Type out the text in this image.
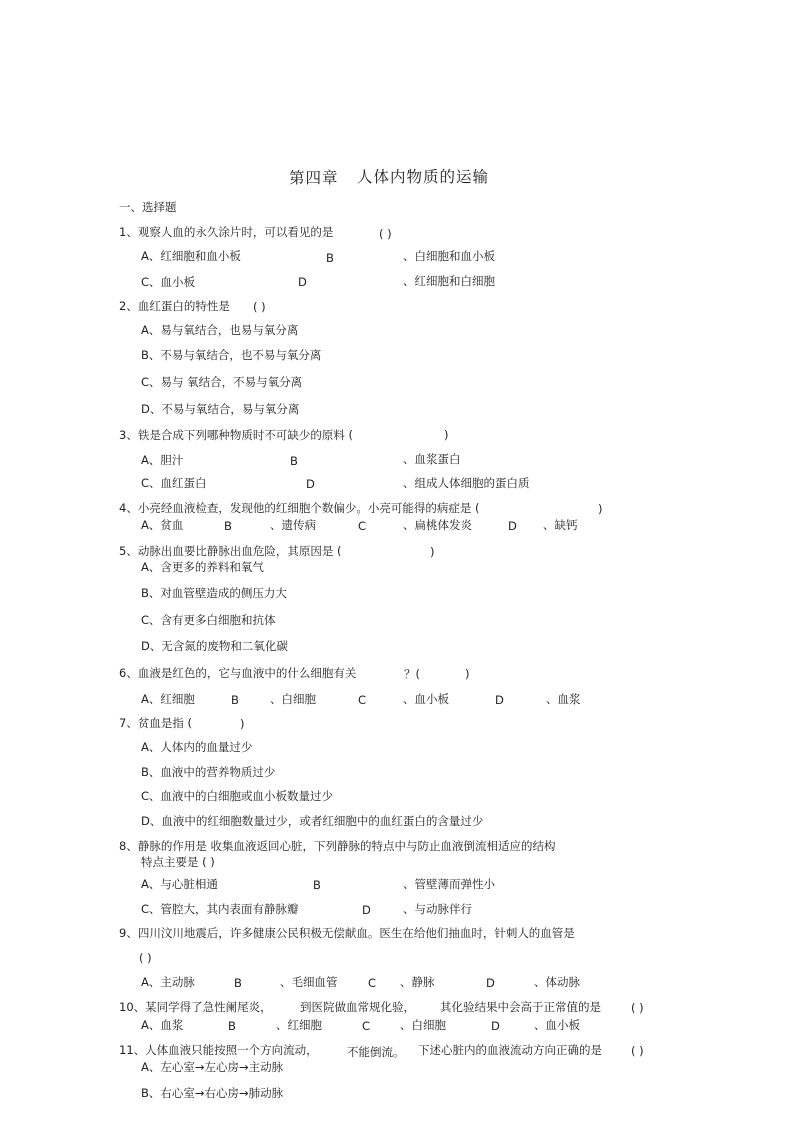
第四章 人体内物质的运输
一、选择题
1、观察人血的永久涂片时，可以看见的是	( )
A、红细胞和血小板	B	、白细胞和血小板
C、血小板	D	、红细胞和白细胞
2、血红蛋白的特性是 ( )
A、易与氧结合，也易与氧分离
B、不易与氧结合，也不易与氧分离
C、易与 氧结合，不易与氧分离
D、不易与氧结合，易与氧分离
3、铁是合成下列哪种物质时不可缺少的原料 (	)
A、胆汁	B	、血浆蛋白
C、血红蛋白	D	、组成人体细胞的蛋白质
4、小亮经血液检查，发现他的红细胞个数偏少。小亮可能得的病症是 (	)
A、贫血	B	、遗传病	C	、扁桃体发炎	D 、缺钙
5、动脉出血要比静脉出血危险，其原因是 (	)
A、含更多的养料和氧气
B、对血管壁造成的侧压力大
C、含有更多白细胞和抗体
D、无含氮的废物和二氧化碳
6、血液是红色的，它与血液中的什么细胞有关	？(	)
A、红细胞	B	、白细胞	C	、血小板	D	、血浆
7、贫血是指 (	)
A、人体内的血量过少
B、血液中的营养物质过少
C、血液中的白细胞或血小板数量过少
D、血液中的红细胞数量过少，或者红细胞中的血红蛋白的含量过少
8、静脉的作用是 收集血液返回心脏，下列静脉的特点中与防止血液倒流相适应的结构
特点主要是 ( )
A、与心脏相通	B	、管壁薄而弹性小
C、管腔大，其内表面有静脉瓣	D	、与动脉伴行
9、四川汶川地震后，许多健康公民积极无偿献血。医生在给他们抽血时，针刺人的血管是
( )
A、主动脉	B	、毛细血管	C 、静脉	D	、体动脉
10、某同学得了急性阑尾炎， 到医院做血常规化验， 其化验结果中会高于正常值的是	( )
A、血浆	B	、红细胞	C	、白细胞	D	、血小板
11、人体血液只能按照一个方向流动，	不能倒流。 下述心脏内的血液流动方向正确的是	( )
A、左心室→左心房→主动脉
B、右心室→右心房→肺动脉
